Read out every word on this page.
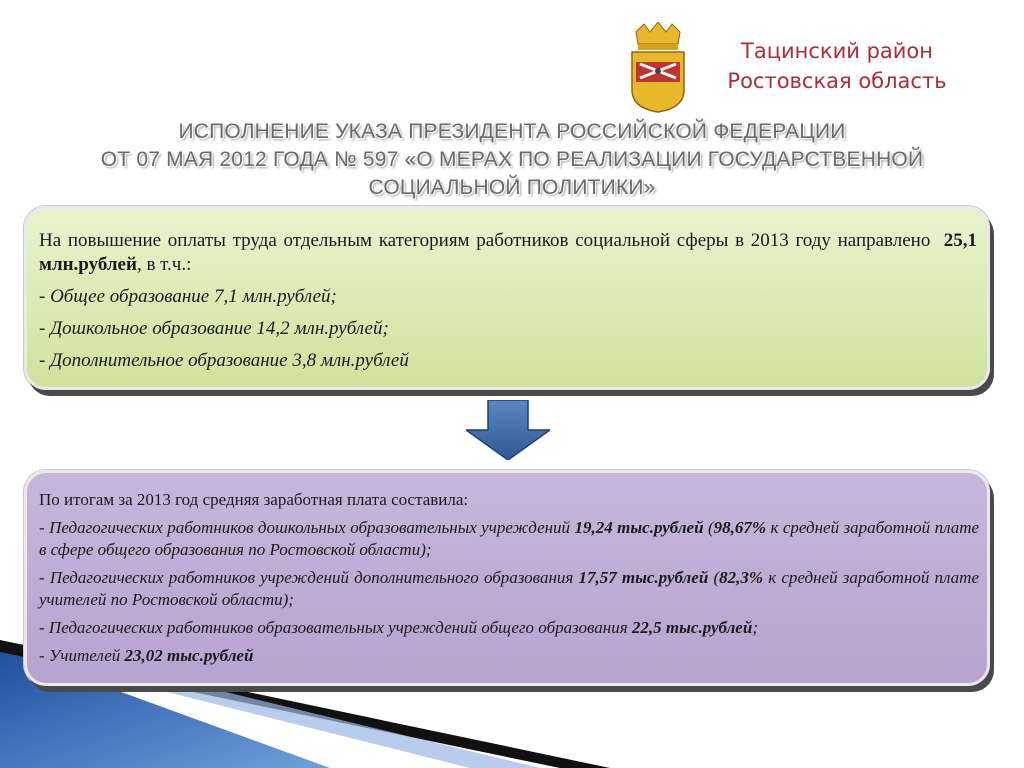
Тацинский район
Ростовская область
ИСПОЛНЕНИЕ УКАЗА ПРЕЗИДЕНТА РОССИЙСКОЙ ФЕДЕРАЦИИ
ОТ 07 МАЯ 2012 ГОДА № 597 «О МЕРАХ ПО РЕАЛИЗАЦИИ ГОСУДАРСТВЕННОЙ
СОЦИАЛЬНОЙ ПОЛИТИКИ»

На повышение оплаты труда отдельным категориям работников социальной сферы в 2013 году направлено 25,1 млн.рублей, в т.ч.:

- Общее образование 7,1 млн.рублей;

- Дошкольное образование 14,2 млн.рублей;

- Дополнительное образование 3,8 млн.рублей

По итогам за 2013 год средняя заработная плата составила:

- Педагогических работников дошкольных образовательных учреждений 19,24 тыс.рублей (98,67% к средней заработной плате в сфере общего образования по Ростовской области);

- Педагогических работников учреждений дополнительного образования 17,57 тыс.рублей (82,3% к средней заработной плате учителей по Ростовской области);

- Педагогических работников образовательных учреждений общего образования 22,5 тыс.рублей;

- Учителей 23,02 тыс.рублей
